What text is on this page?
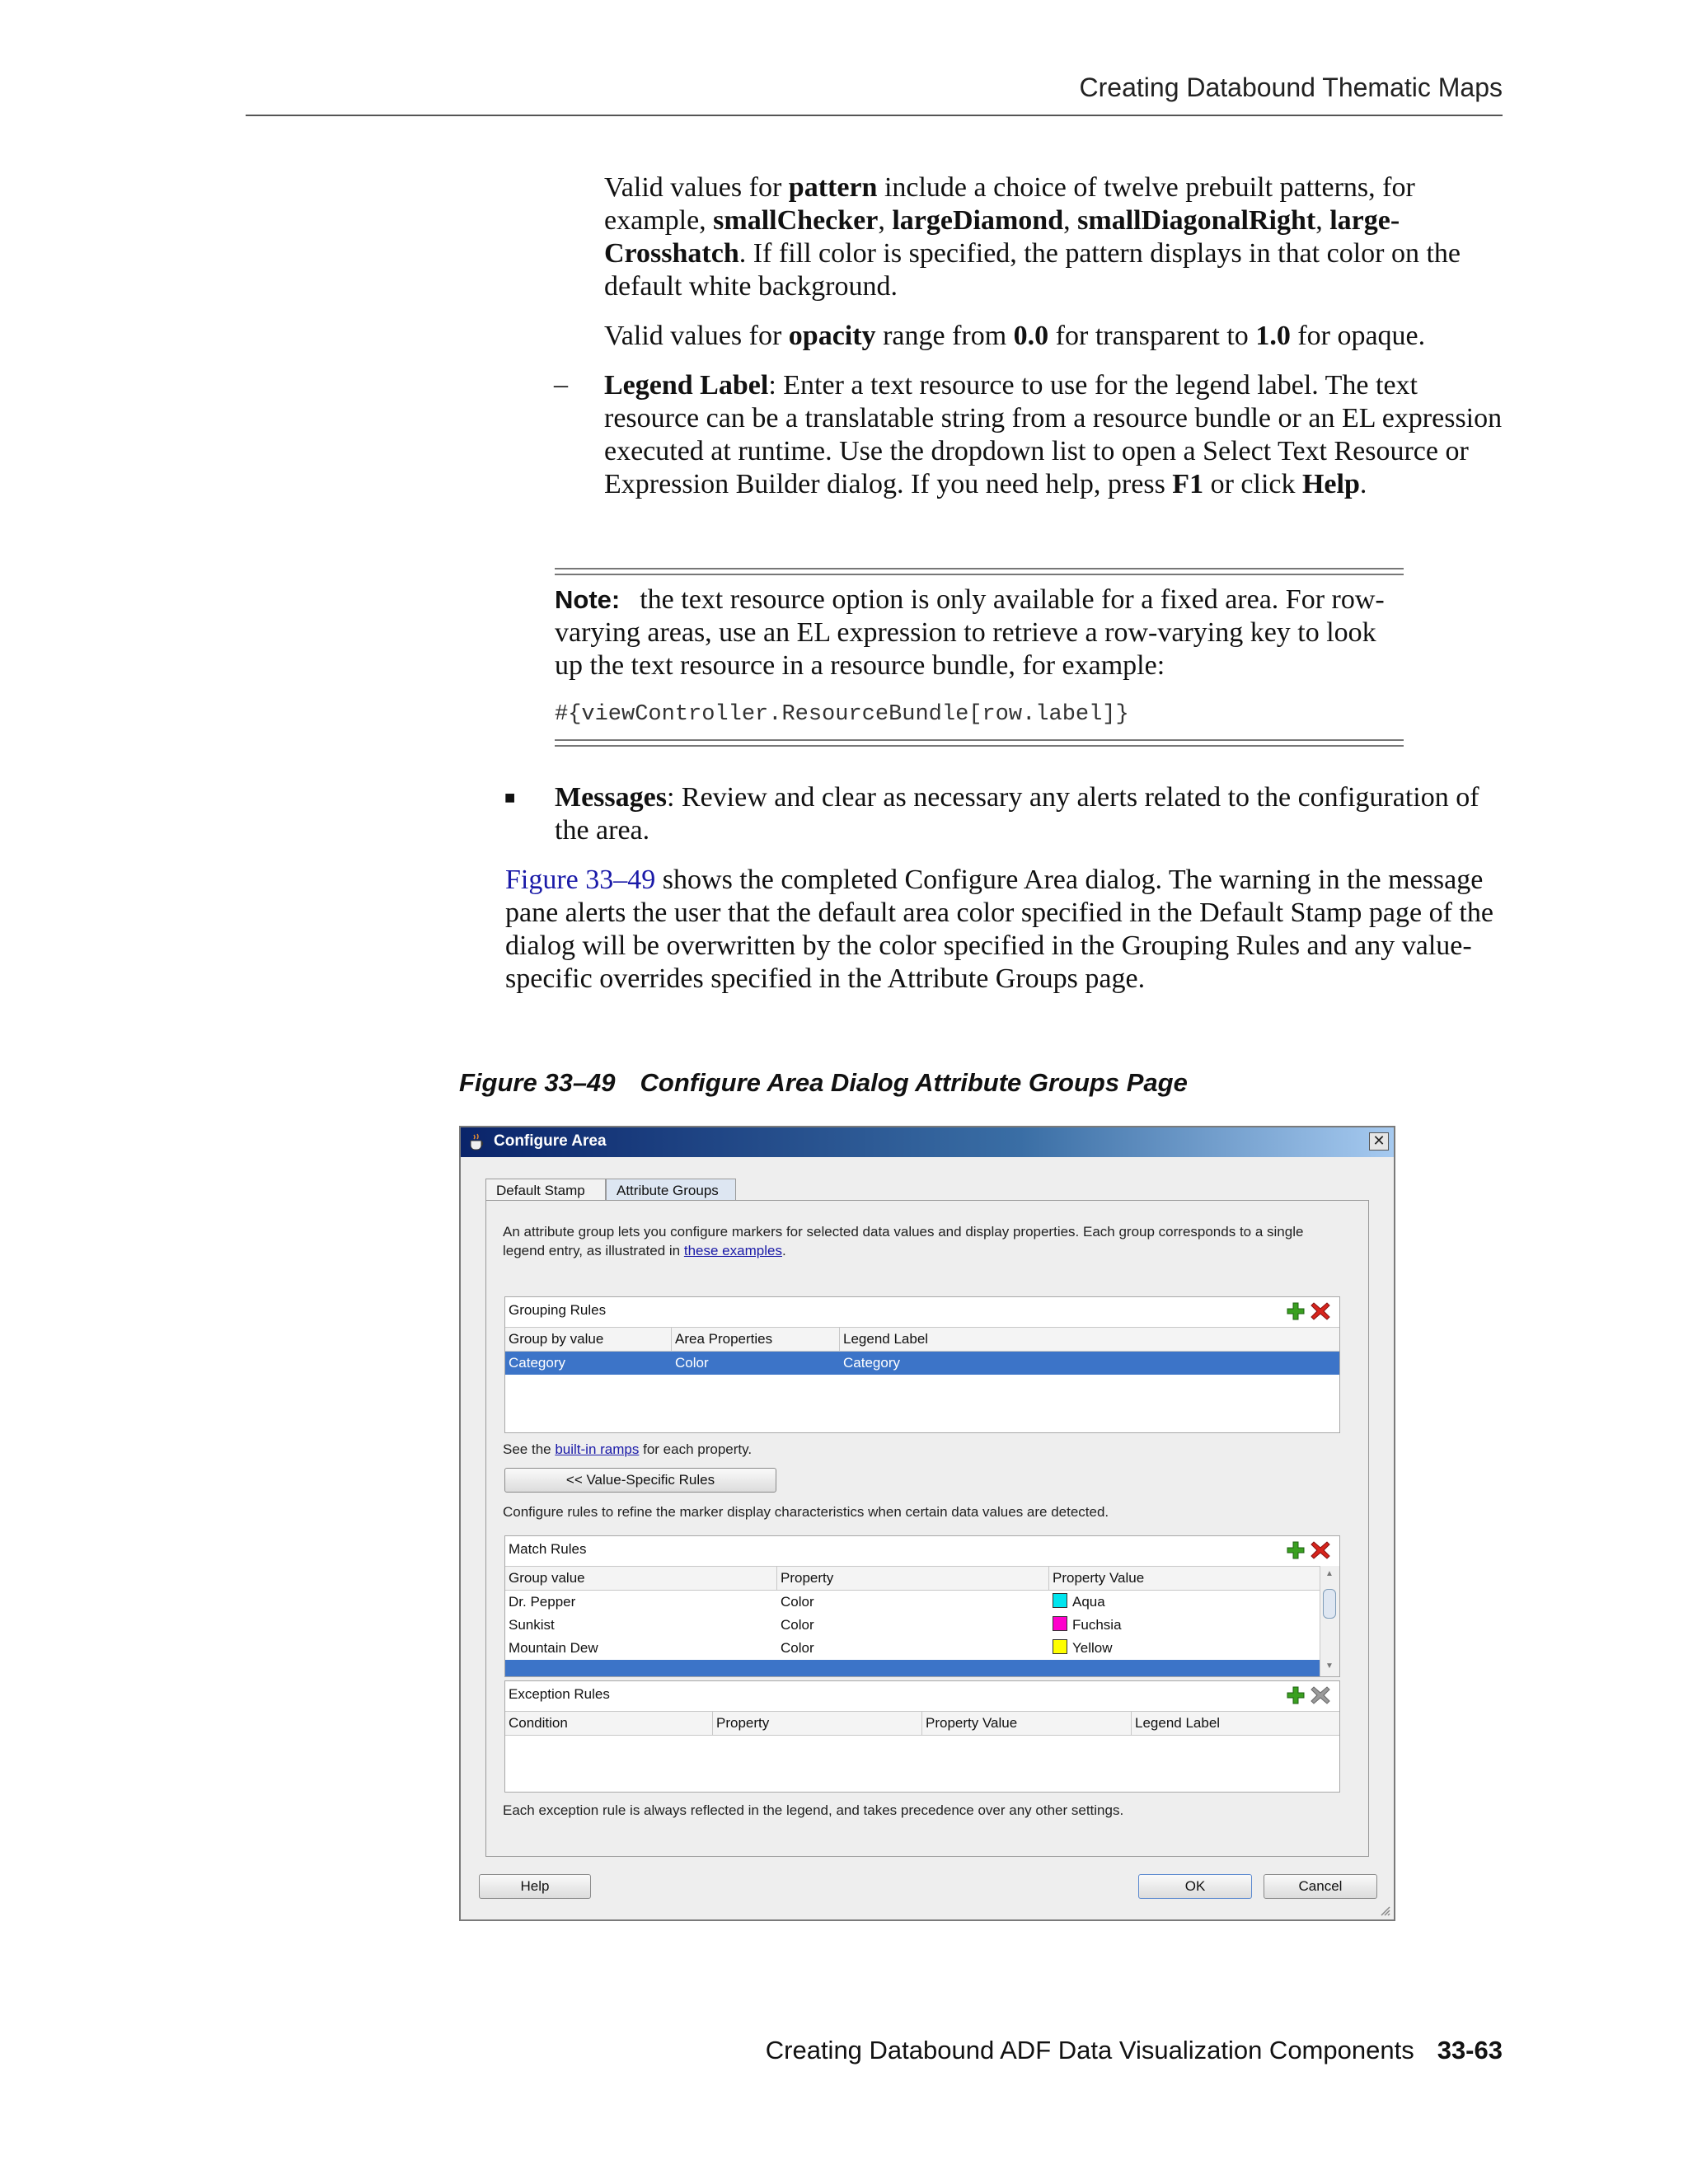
Creating Databound Thematic Maps
Valid values for pattern include a choice of twelve prebuilt patterns, for example, smallChecker, largeDiamond, smallDiagonalRight, large-Crosshatch. If fill color is specified, the pattern displays in that color on the default white background.
Valid values for opacity range from 0.0 for transparent to 1.0 for opaque.
– Legend Label: Enter a text resource to use for the legend label. The text resource can be a translatable string from a resource bundle or an EL expression executed at runtime. Use the dropdown list to open a Select Text Resource or Expression Builder dialog. If you need help, press F1 or click Help.
Note: the text resource option is only available for a fixed area. For row-varying areas, use an EL expression to retrieve a row-varying key to look up the text resource in a resource bundle, for example:
#{viewController.ResourceBundle[row.label]}
■ Messages: Review and clear as necessary any alerts related to the configuration of the area.
Figure 33–49 shows the completed Configure Area dialog. The warning in the message pane alerts the user that the default area color specified in the Default Stamp page of the dialog will be overwritten by the color specified in the Grouping Rules and any value-specific overrides specified in the Attribute Groups page.
Figure 33–49 Configure Area Dialog Attribute Groups Page
Configure Area	✕
Default Stamp	Attribute Groups
An attribute group lets you configure markers for selected data values and display properties. Each group corresponds to a single legend entry, as illustrated in these examples.
Grouping Rules
Group by value	Area Properties	Legend Label
Category	Color	Category
See the built-in ramps for each property.
<< Value-Specific Rules
Configure rules to refine the marker display characteristics when certain data values are detected.
Match Rules
Group value	Property	Property Value
Dr. Pepper	Color	Aqua
Sunkist	Color	Fuchsia
Mountain Dew	Color	Yellow
▲
▼
Exception Rules
Condition	Property	Property Value	Legend Label
Each exception rule is always reflected in the legend, and takes precedence over any other settings.
Help	OK	Cancel
Creating Databound ADF Data Visualization Components 33-63
